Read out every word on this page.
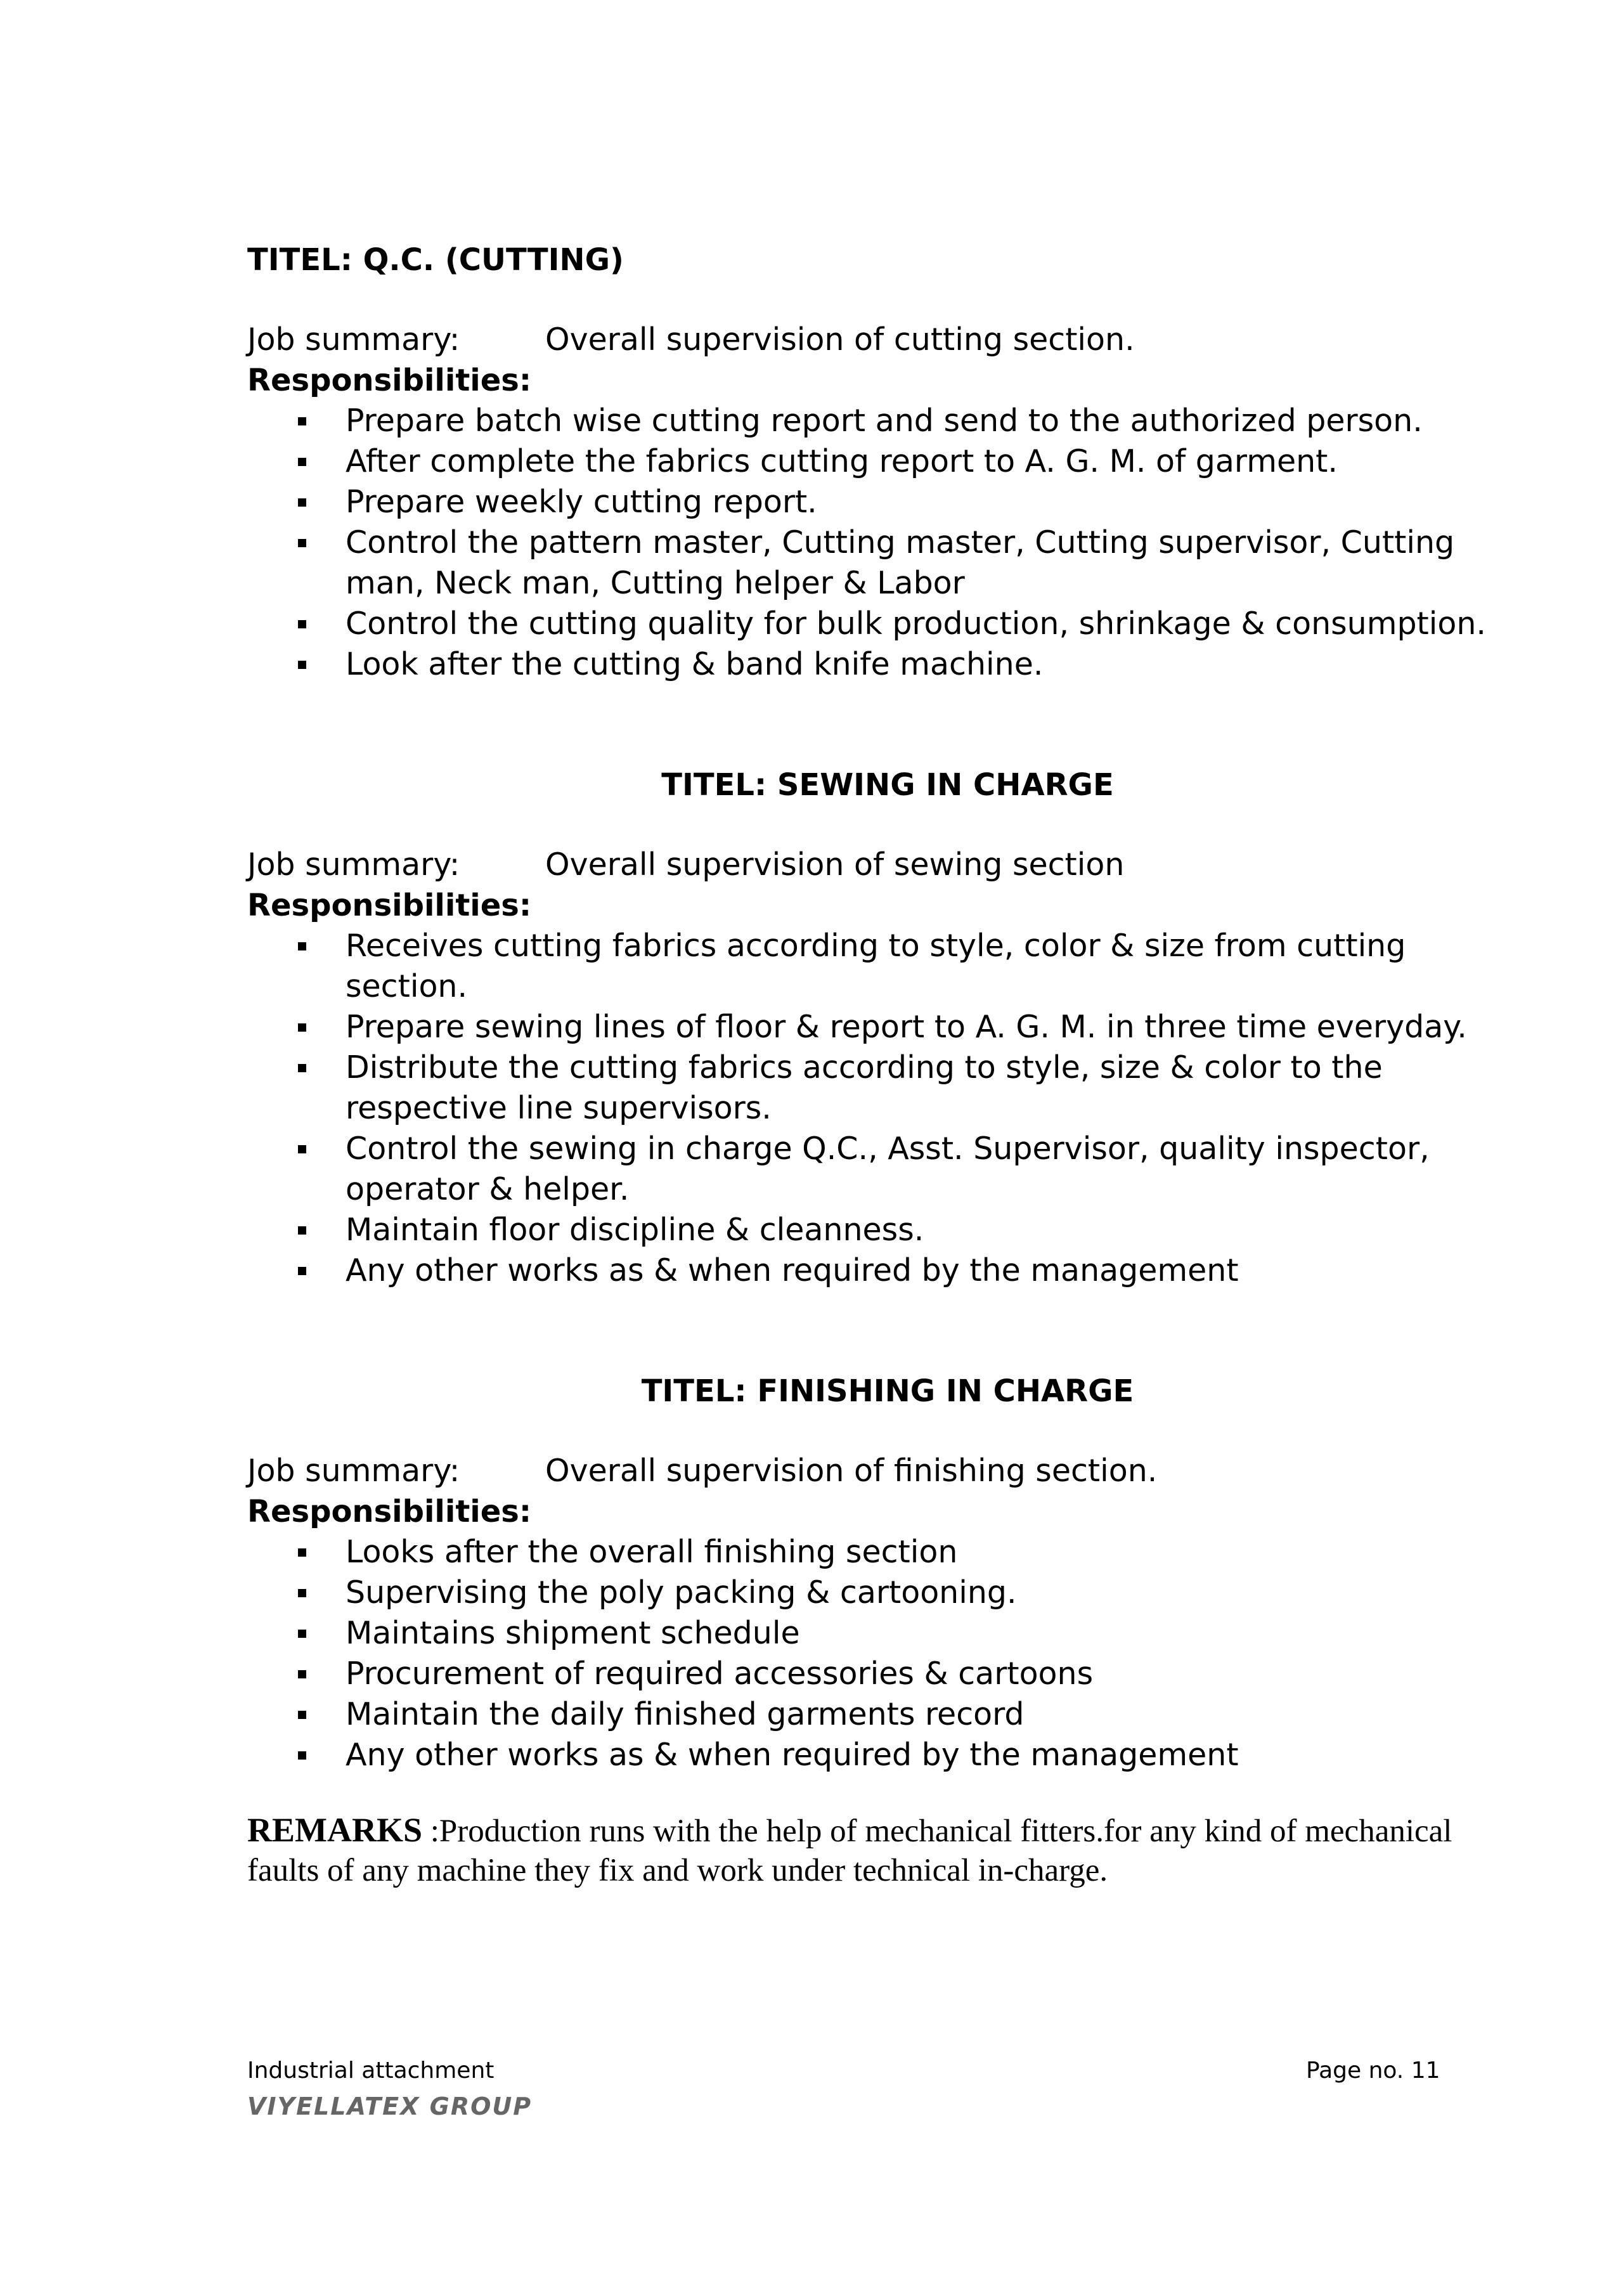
TITEL: Q.C. (CUTTING)
Job summary:	Overall supervision of cutting section.
Responsibilities:
Prepare batch wise cutting report and send to the authorized person.
After complete the fabrics cutting report to A. G. M. of garment.
Prepare weekly cutting report.
Control the pattern master, Cutting master, Cutting supervisor, Cutting man, Neck man, Cutting helper & Labor
Control the cutting quality for bulk production, shrinkage & consumption.
Look after the cutting & band knife machine.
TITEL: SEWING IN CHARGE
Job summary:	Overall supervision of sewing section
Responsibilities:
Receives cutting fabrics according to style, color & size from cutting section.
Prepare sewing lines of floor & report to A. G. M. in three time everyday.
Distribute the cutting fabrics according to style, size & color to the respective line supervisors.
Control the sewing in charge Q.C., Asst. Supervisor, quality inspector, operator & helper.
Maintain floor discipline & cleanness.
Any other works as & when required by the management
TITEL: FINISHING IN CHARGE
Job summary:	Overall supervision of finishing section.
Responsibilities:
Looks after the overall finishing section
Supervising the poly packing & cartooning.
Maintains shipment schedule
Procurement of required accessories & cartoons
Maintain the daily finished garments record
Any other works as & when required by the management
REMARKS :Production runs with the help of mechanical fitters.for any kind of mechanical faults of any machine they fix and work under technical in-charge.
Industrial attachment	Page no. 11
VIYELLATEX GROUP
